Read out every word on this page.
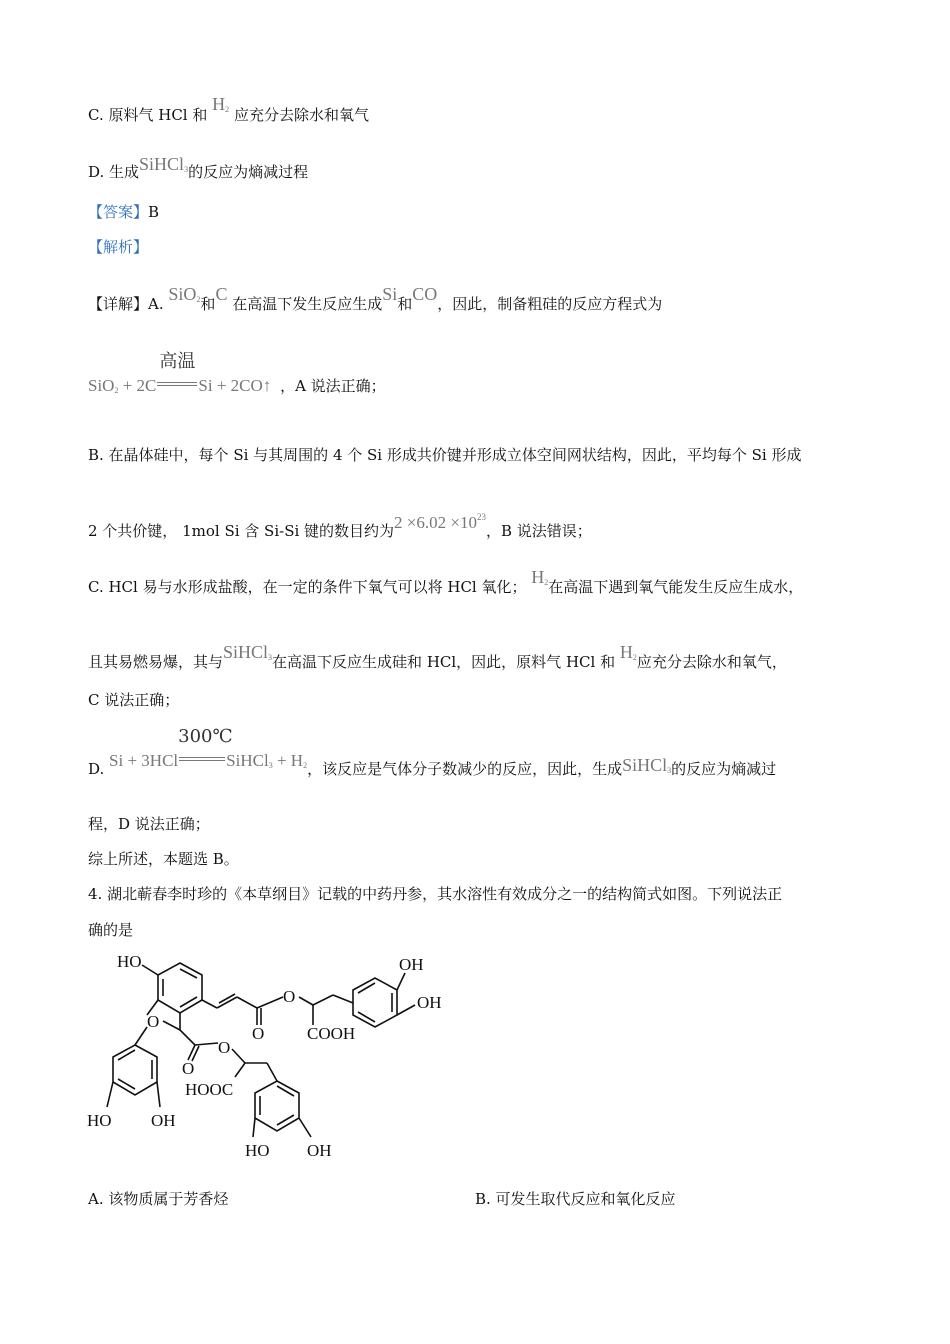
C. 原料气 HCl 和 H2 应充分去除水和氧气
D. 生成SiHCl3的反应为熵减过程
【答案】B
【解析】
【详解】A. SiO2和C 在高温下发生反应生成Si和CO，因此，制备粗硅的反应方程式为
SiO2 + 2C
高温
Si + 2CO↑ ，A 说法正确；
B. 在晶体硅中，每个 Si 与其周围的 4 个 Si 形成共价键并形成立体空间网状结构，因此，平均每个 Si 形成
2 个共价键， 1mol Si 含 Si-Si 键的数目约为$2 \times 6.02 \times 10^{23}$，B 说法错误；
C. HCl 易与水形成盐酸，在一定的条件下氧气可以将 HCl 氧化； H2在高温下遇到氧气能发生反应生成水，
且其易燃易爆，其与SiHCl3在高温下反应生成硅和 HCl，因此，原料气 HCl 和 H2应充分去除水和氧气，
C 说法正确；
D. Si + 3HCl
300℃
SiHCl3 + H2，该反应是气体分子数减少的反应，因此，生成SiHCl3的反应为熵减过
程，D 说法正确；
综上所述，本题选 B。
4. 湖北蕲春李时珍的《本草纲目》记载的中药丹参，其水溶性有效成分之一的结构简式如图。下列说法正
确的是
HO
O
O
O	COOH
OH
OH
O
O
HOOC
HO OH
HO OH
A. 该物质属于芳香烃	B. 可发生取代反应和氧化反应
